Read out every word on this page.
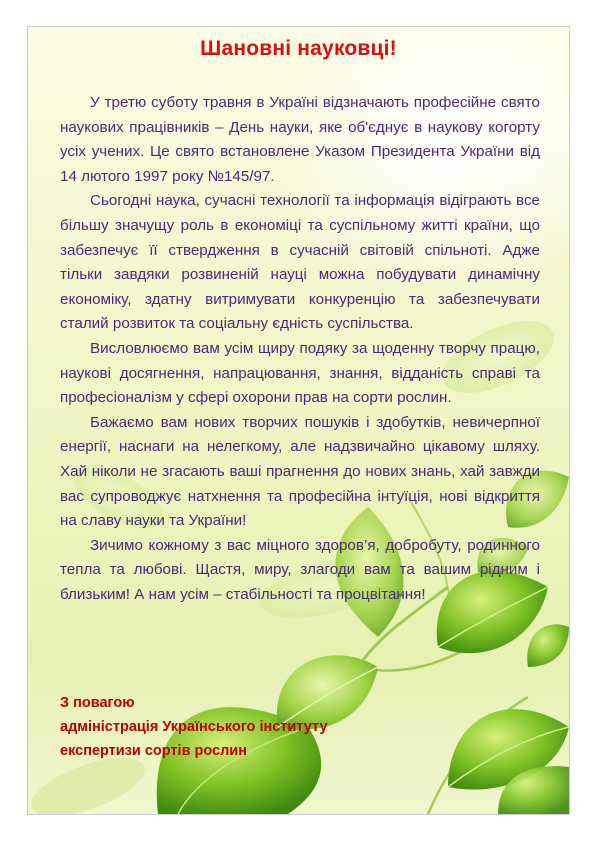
Шановні науковці!

У третю суботу травня в Україні відзначають професійне свято наукових працівників – День науки, яке об'єднує в наукову когорту усіх учених. Це свято встановлене Указом Президента України від 14 лютого 1997 року №145/97.

Сьогодні наука, сучасні технології та інформація відіграють все більшу значущу роль в економіці та суспільному житті країни, що забезпечує її ствердження в сучасній світовій спільноті. Адже тільки завдяки розвиненій науці можна побудувати динамічну економіку, здатну витримувати конкуренцію та забезпечувати сталий розвиток та соціальну єдність суспільства.

Висловлюємо вам усім щиру подяку за щоденну творчу працю, наукові досягнення, напрацювання, знання, відданість справі та професіоналізм у сфері охорони прав на сорти рослин.

Бажаємо вам нових творчих пошуків і здобутків, невичерпної енергії, наснаги на нелегкому, але надзвичайно цікавому шляху. Хай ніколи не згасають ваші прагнення до нових знань, хай завжди вас супроводжує натхнення та професійна інтуїція, нові відкриття на славу науки та України!

Зичимо кожному з вас міцного здоров’я, добробуту, родинного тепла та любові. Щастя, миру, злагоди вам та вашим рідним і близьким! А нам усім – стабільності та процвітання!

З повагою
адміністрація Українського інституту
експертизи сортів рослин
